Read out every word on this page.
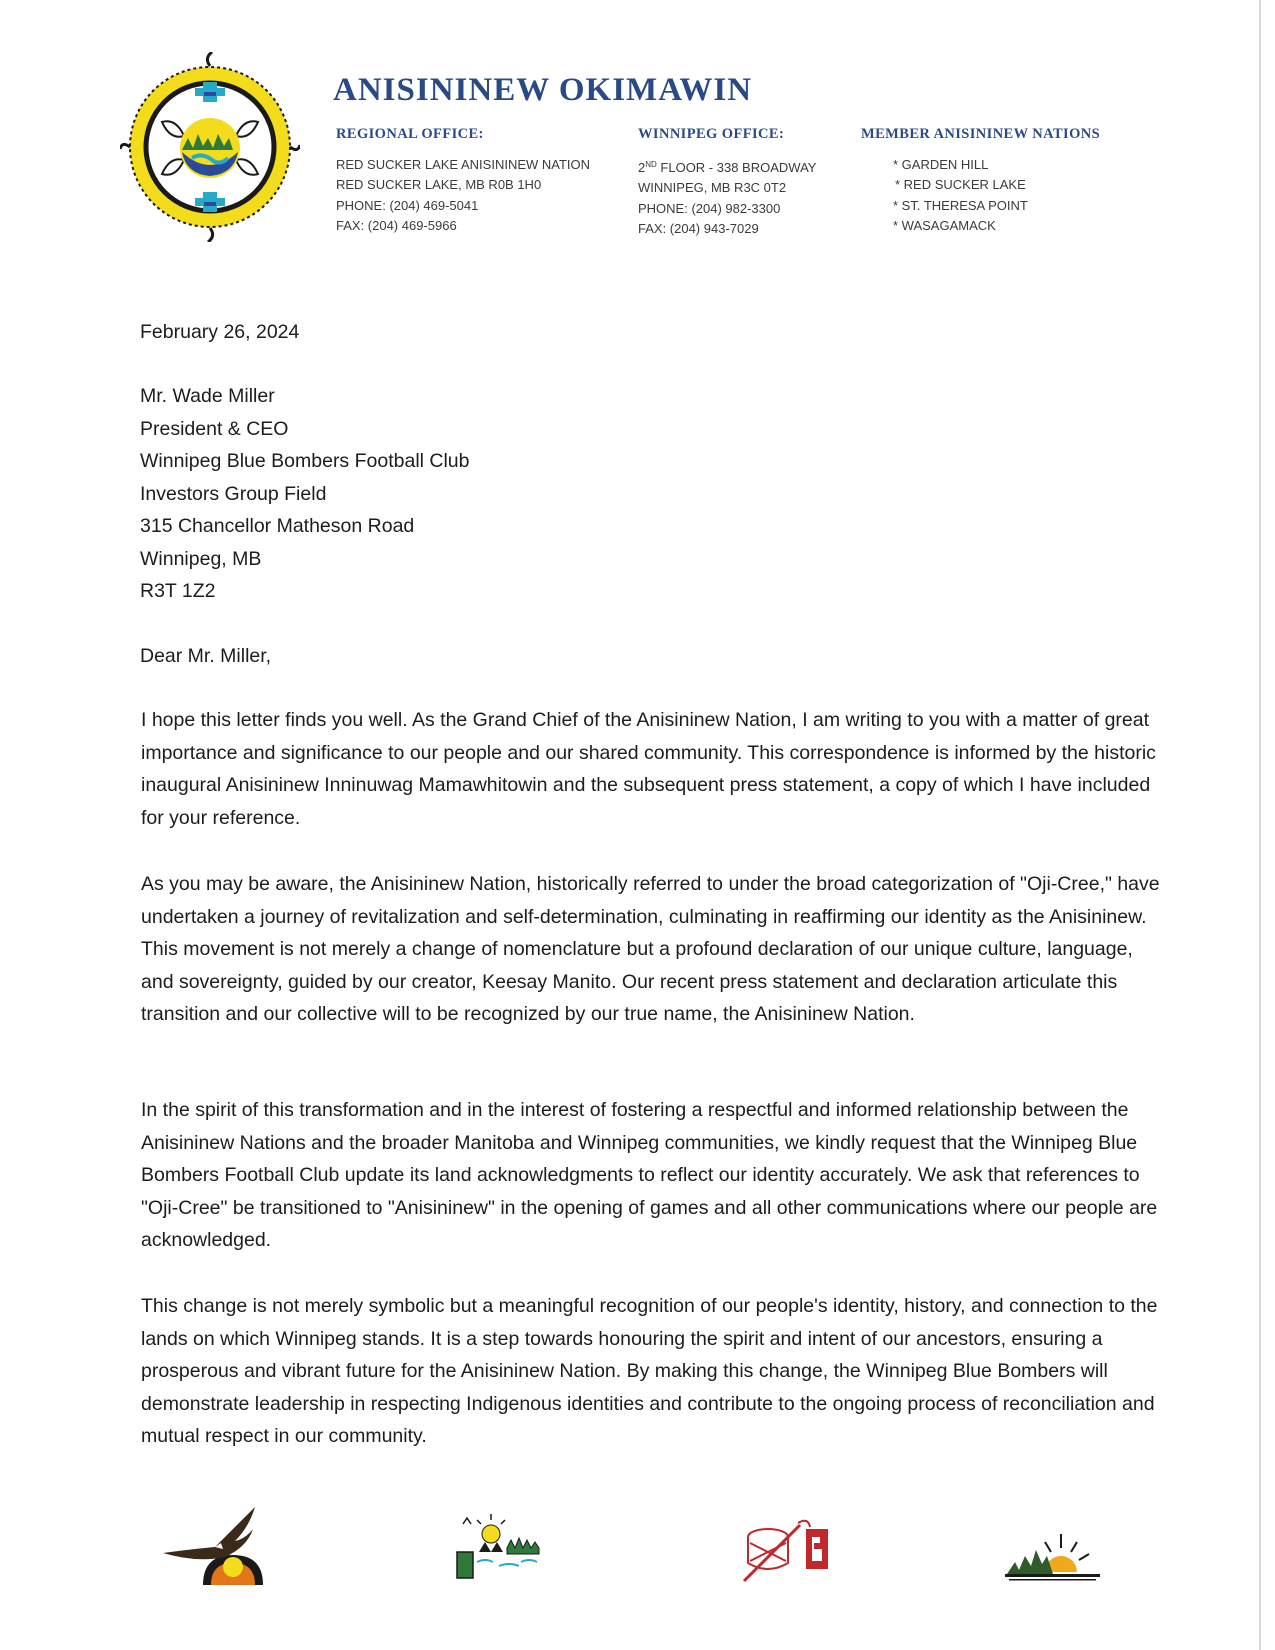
ANISININEW OKIMAWIN
REGIONAL OFFICE:

RED SUCKER LAKE ANISININEW NATION

RED SUCKER LAKE, MB R0B 1H0

PHONE: (204) 469-5041

FAX: (204) 469-5966

WINNIPEG OFFICE:

2ND FLOOR - 338 BROADWAY

WINNIPEG, MB R3C 0T2

PHONE: (204) 982-3300

FAX: (204) 943-7029

MEMBER ANISININEW NATIONS

* GARDEN HILL

* RED SUCKER LAKE

* ST. THERESA POINT

* WASAGAMACK

February 26, 2024

Mr. Wade Miller
President & CEO
Winnipeg Blue Bombers Football Club
Investors Group Field
315 Chancellor Matheson Road
Winnipeg, MB
R3T 1Z2

Dear Mr. Miller,

I hope this letter finds you well. As the Grand Chief of the Anisininew Nation, I am writing to you with a matter of great importance and significance to our people and our shared community. This correspondence is informed by the historic inaugural Anisininew Inninuwag Mamawhitowin and the subsequent press statement, a copy of which I have included for your reference.

As you may be aware, the Anisininew Nation, historically referred to under the broad categorization of "Oji-Cree," have undertaken a journey of revitalization and self-determination, culminating in reaffirming our identity as the Anisininew. This movement is not merely a change of nomenclature but a profound declaration of our unique culture, language, and sovereignty, guided by our creator, Keesay Manito. Our recent press statement and declaration articulate this transition and our collective will to be recognized by our true name, the Anisininew Nation.

In the spirit of this transformation and in the interest of fostering a respectful and informed relationship between the Anisininew Nations and the broader Manitoba and Winnipeg communities, we kindly request that the Winnipeg Blue Bombers Football Club update its land acknowledgments to reflect our identity accurately. We ask that references to "Oji-Cree" be transitioned to "Anisininew" in the opening of games and all other communications where our people are acknowledged.

This change is not merely symbolic but a meaningful recognition of our people's identity, history, and connection to the lands on which Winnipeg stands. It is a step towards honouring the spirit and intent of our ancestors, ensuring a prosperous and vibrant future for the Anisininew Nation. By making this change, the Winnipeg Blue Bombers will demonstrate leadership in respecting Indigenous identities and contribute to the ongoing process of reconciliation and mutual respect in our community.
